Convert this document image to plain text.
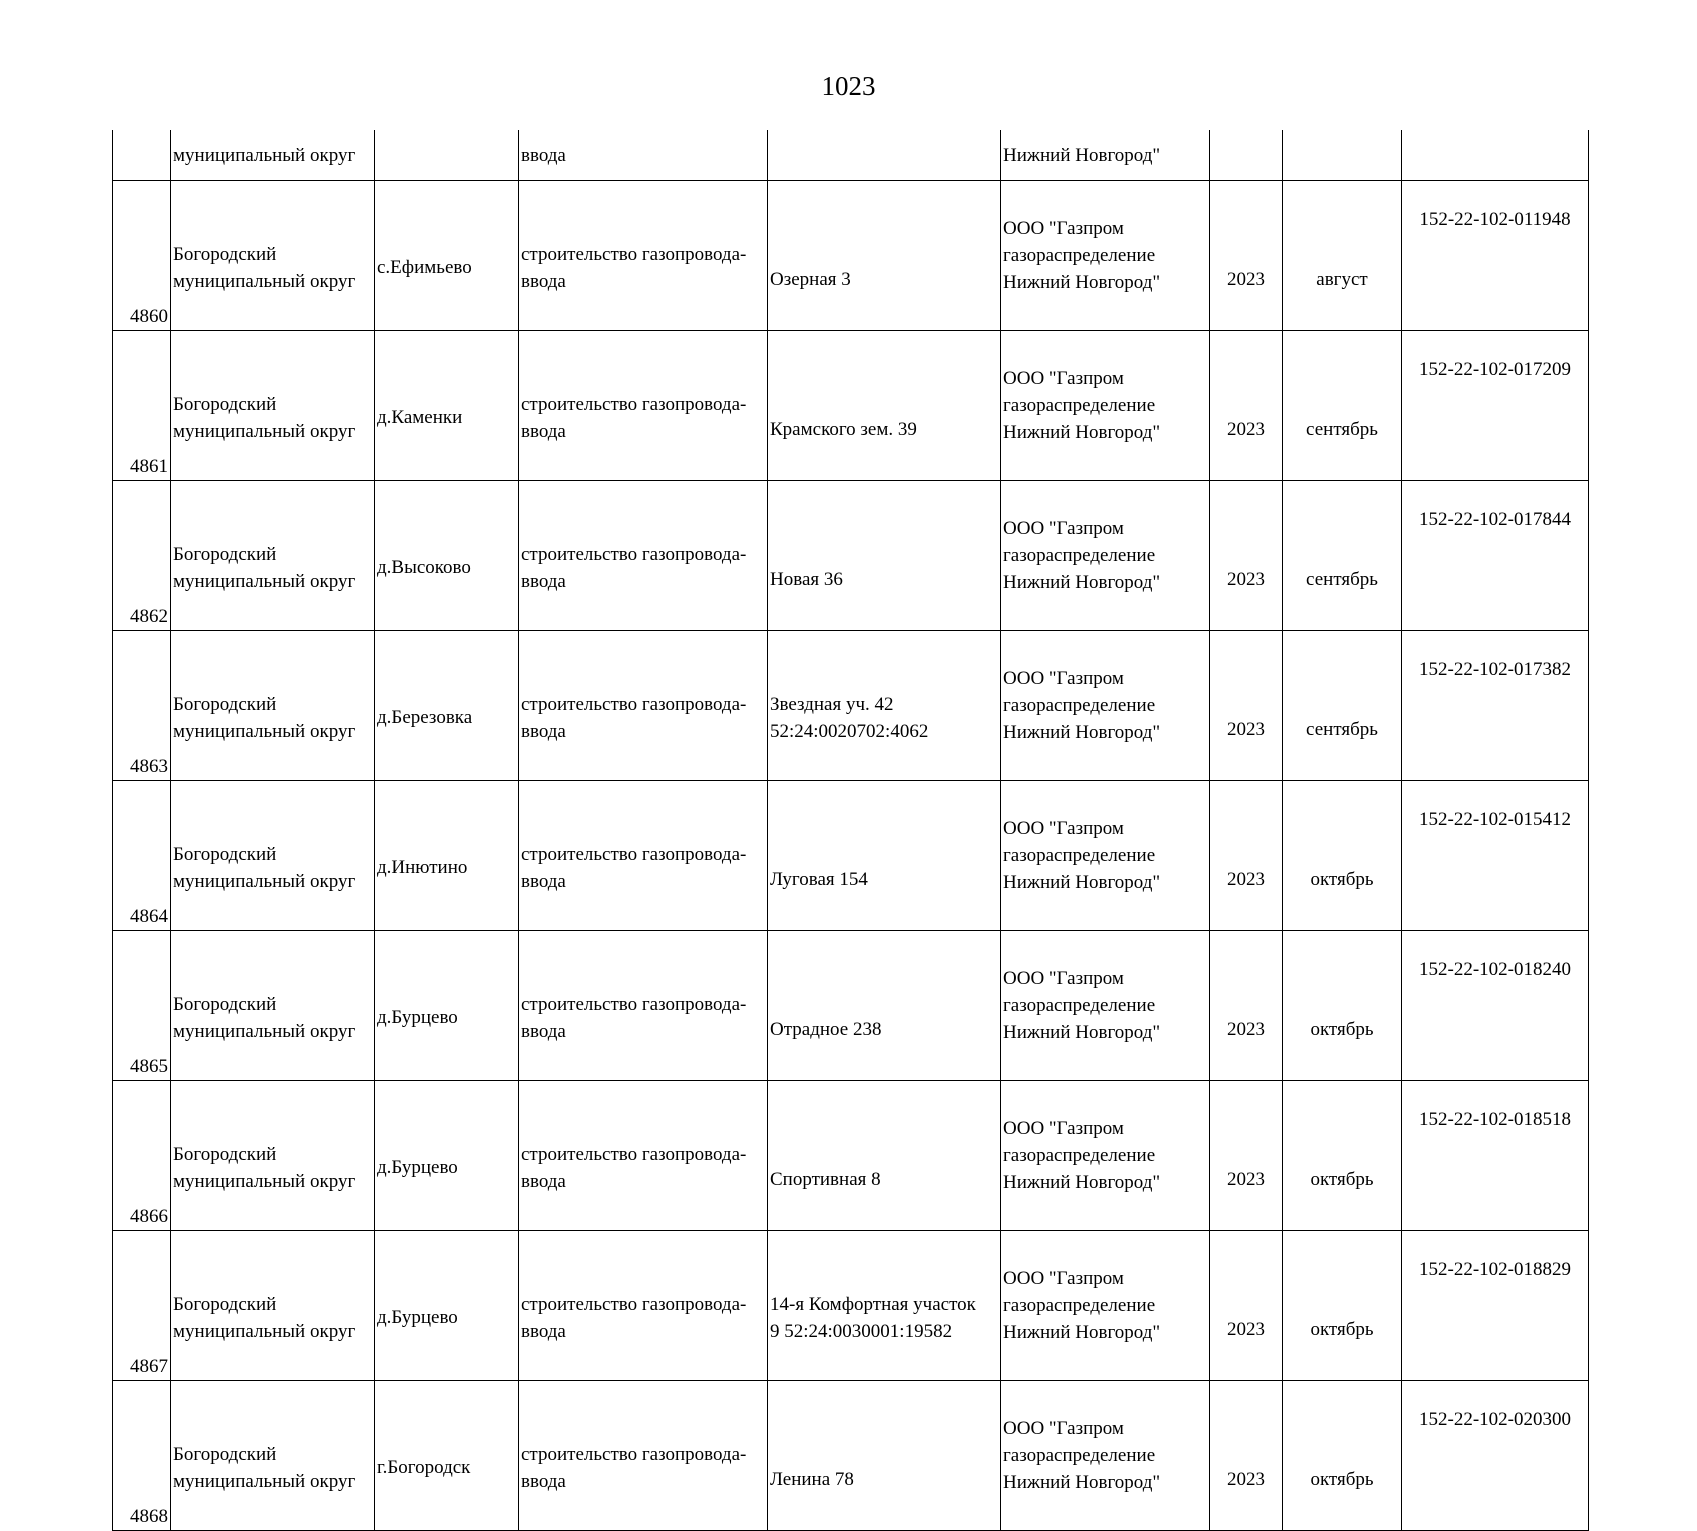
1023
	муниципальный округ		ввода		Нижний Новгород"			
4860	Богородский
муниципальный округ	с.Ефимьево	строительство газопровода-
ввода	Озерная 3	ООО "Газпром
газораспределение
Нижний Новгород"	2023	август	152-22-102-011948
4861	Богородский
муниципальный округ	д.Каменки	строительство газопровода-
ввода	Крамского зем. 39	ООО "Газпром
газораспределение
Нижний Новгород"	2023	сентябрь	152-22-102-017209
4862	Богородский
муниципальный округ	д.Высоково	строительство газопровода-
ввода	Новая 36	ООО "Газпром
газораспределение
Нижний Новгород"	2023	сентябрь	152-22-102-017844
4863	Богородский
муниципальный округ	д.Березовка	строительство газопровода-
ввода	Звездная уч. 42
52:24:0020702:4062	ООО "Газпром
газораспределение
Нижний Новгород"	2023	сентябрь	152-22-102-017382
4864	Богородский
муниципальный округ	д.Инютино	строительство газопровода-
ввода	Луговая 154	ООО "Газпром
газораспределение
Нижний Новгород"	2023	октябрь	152-22-102-015412
4865	Богородский
муниципальный округ	д.Бурцево	строительство газопровода-
ввода	Отрадное 238	ООО "Газпром
газораспределение
Нижний Новгород"	2023	октябрь	152-22-102-018240
4866	Богородский
муниципальный округ	д.Бурцево	строительство газопровода-
ввода	Спортивная 8	ООО "Газпром
газораспределение
Нижний Новгород"	2023	октябрь	152-22-102-018518
4867	Богородский
муниципальный округ	д.Бурцево	строительство газопровода-
ввода	14-я Комфортная участок
9 52:24:0030001:19582	ООО "Газпром
газораспределение
Нижний Новгород"	2023	октябрь	152-22-102-018829
4868	Богородский
муниципальный округ	г.Богородск	строительство газопровода-
ввода	Ленина 78	ООО "Газпром
газораспределение
Нижний Новгород"	2023	октябрь	152-22-102-020300
